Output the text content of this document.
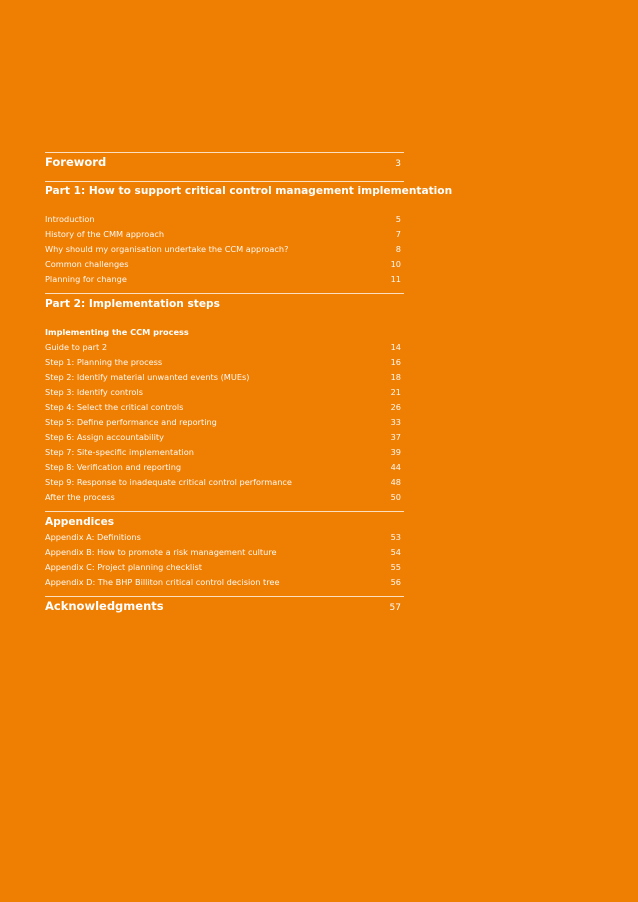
Foreword	3
Part 1: How to support critical control management implementation
Introduction	5
History of the CMM approach	7
Why should my organisation undertake the CCM approach?	8
Common challenges	10
Planning for change	11
Part 2: Implementation steps
Implementing the CCM process
Guide to part 2	14
Step 1: Planning the process	16
Step 2: Identify material unwanted events (MUEs)	18
Step 3: Identify controls	21
Step 4: Select the critical controls	26
Step 5: Define performance and reporting	33
Step 6: Assign accountability	37
Step 7: Site-specific implementation	39
Step 8: Verification and reporting	44
Step 9: Response to inadequate critical control performance	48
After the process	50
Appendices
Appendix A: Definitions	53
Appendix B: How to promote a risk management culture	54
Appendix C: Project planning checklist	55
Appendix D: The BHP Billiton critical control decision tree	56
Acknowledgments	57
